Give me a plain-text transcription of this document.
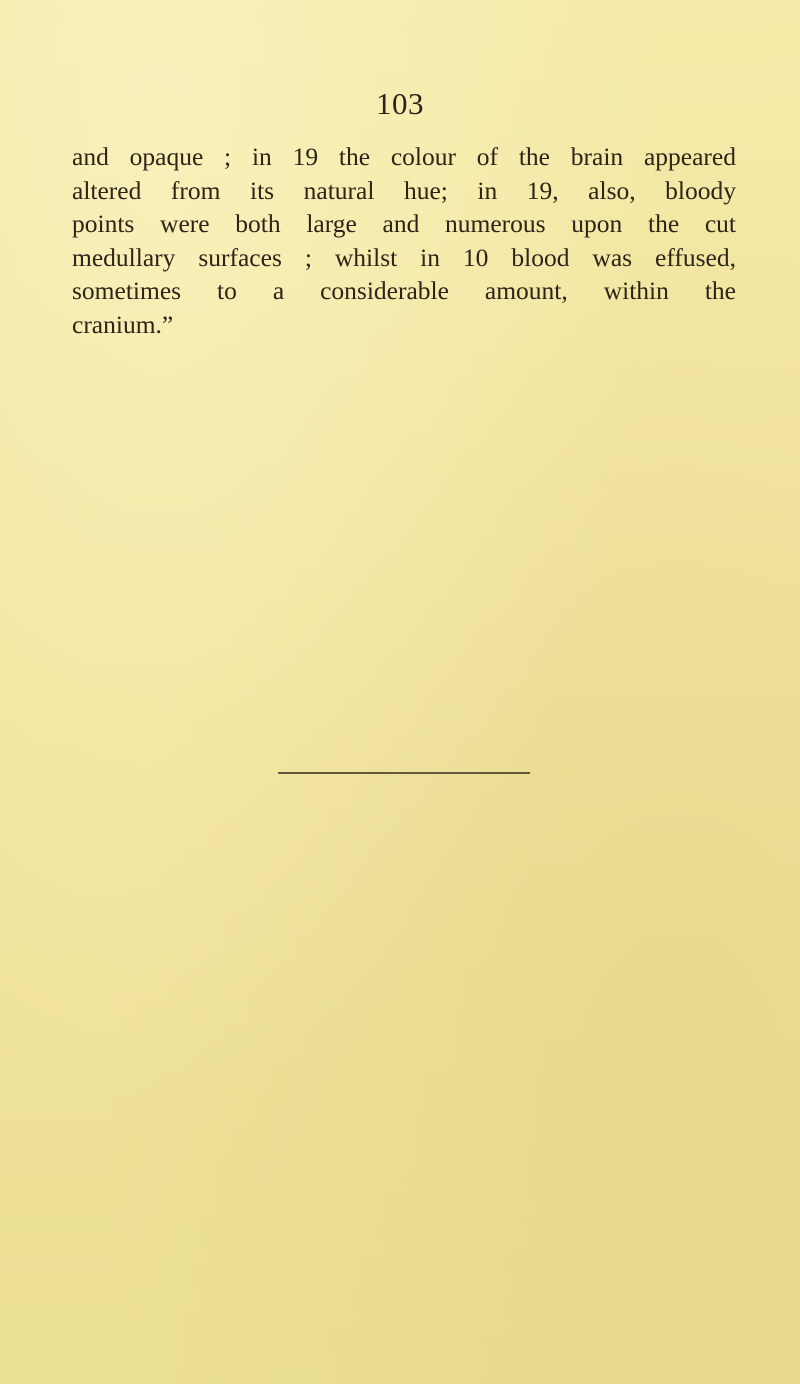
103

and opaque ; in 19 the colour of the brain appeared
altered from its natural hue; in 19, also, bloody
points were both large and numerous upon the cut
medullary surfaces ; whilst in 10 blood was effused,
sometimes to a considerable amount, within the
cranium.”
